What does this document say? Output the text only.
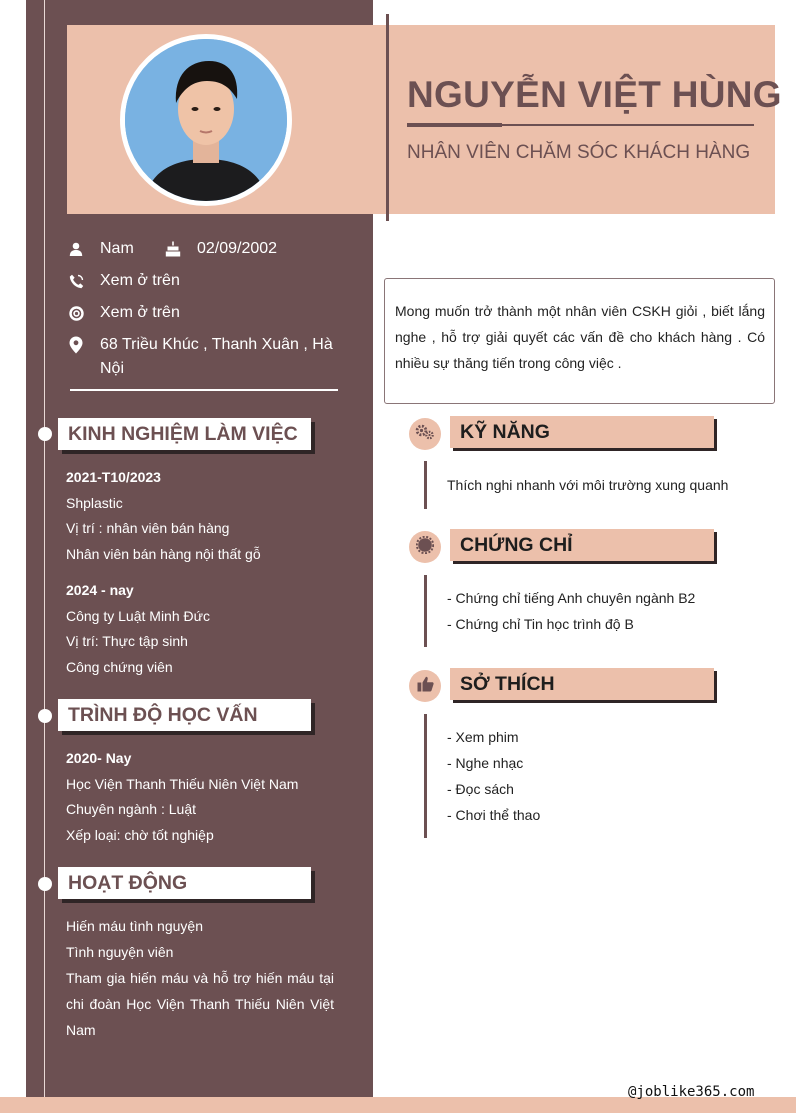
NGUYỄN VIỆT HÙNG
NHÂN VIÊN CHĂM SÓC KHÁCH HÀNG
Nam	02/09/2002
Xem ở trên
Xem ở trên
68 Triều Khúc , Thanh Xuân , Hà
Nội
KINH NGHIỆM LÀM VIỆC
2021-T10/2023
Shplastic
Vị trí : nhân viên bán hàng
Nhân viên bán hàng nội thất gỗ
2024 - nay
Công ty Luật Minh Đức
Vị trí: Thực tập sinh
Công chứng viên
TRÌNH ĐỘ HỌC VẤN
2020- Nay
Học Viện Thanh Thiếu Niên Việt Nam
Chuyên ngành : Luật
Xếp loại: chờ tốt nghiệp
HOẠT ĐỘNG
Hiến máu tình nguyện
Tình nguyện viên
Tham gia hiến máu và hỗ trợ hiến máu tại chi đoàn Học Viện Thanh Thiếu Niên Việt Nam
Mong muốn trở thành một nhân viên CSKH giỏi , biết lắng nghe , hỗ trợ giải quyết các vấn đề cho khách hàng . Có nhiều sự thăng tiến trong công việc .
KỸ NĂNG
Thích nghi nhanh với môi trường xung quanh
CHỨNG CHỈ
- Chứng chỉ tiếng Anh chuyên ngành B2
- Chứng chỉ Tin học trình độ B
SỞ THÍCH
- Xem phim
- Nghe nhạc
- Đọc sách
- Chơi thể thao
@joblike365.com
